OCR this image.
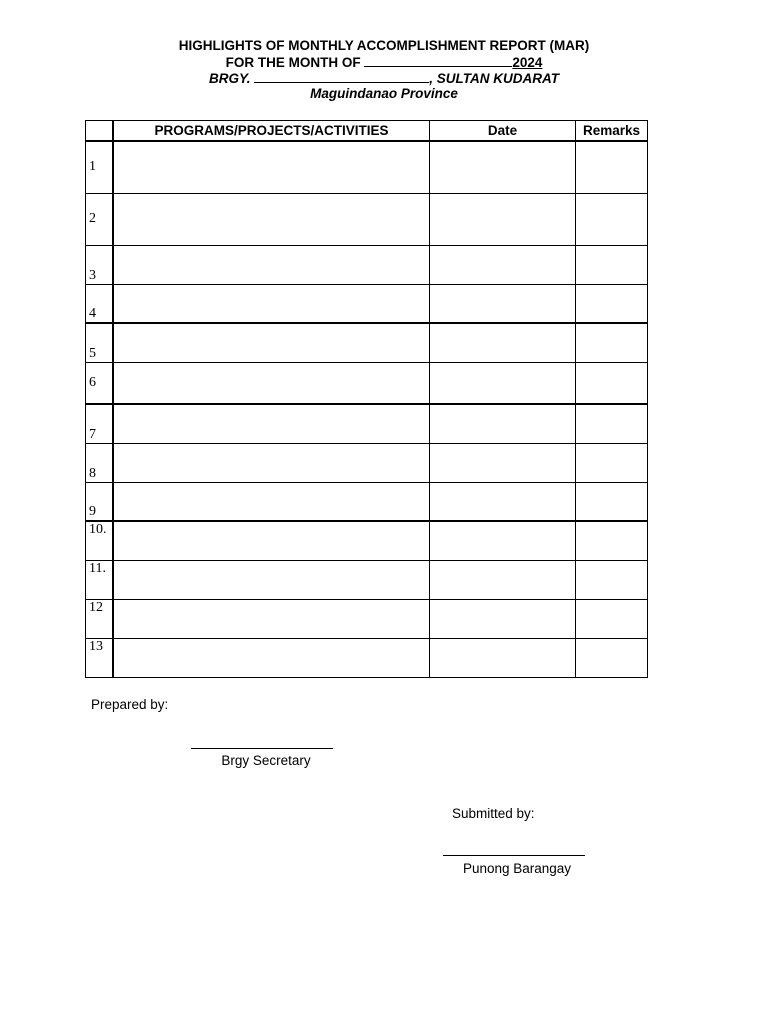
HIGHLIGHTS OF MONTHLY ACCOMPLISHMENT REPORT (MAR)
FOR THE MONTH OF	2024
BRGY.	, SULTAN KUDARAT
Maguindanao Province
	PROGRAMS/PROJECTS/ACTIVITIES	Date	Remarks
1			
2			
3			
4			
5			
6			
7			
8			
9			
10.			
11.			
12			
13			
Prepared by:
Brgy Secretary
Submitted by:
Punong Barangay
